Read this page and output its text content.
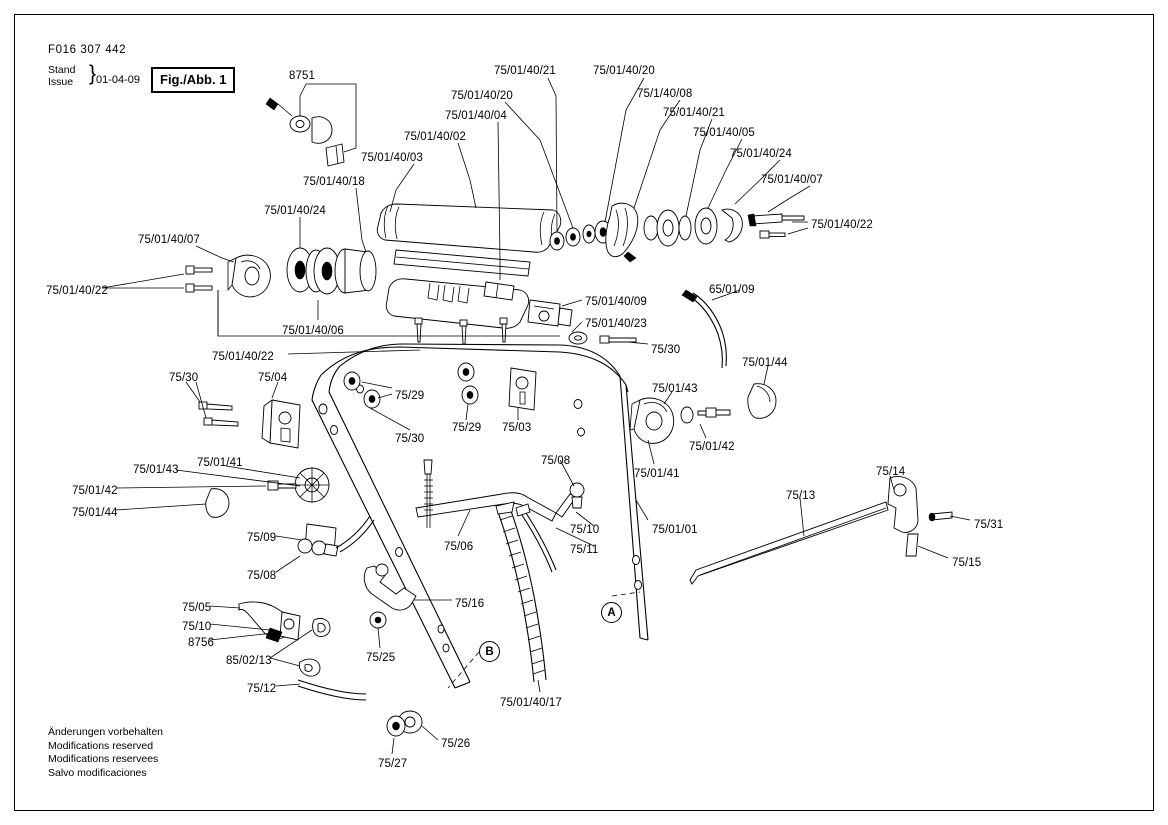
F016 307 442
Stand
Issue } 01-04-09	Fig./Abb. 1	8751	75/01/40/21	75/01/40/20
75/1/40/08
75/01/40/20
75/01/40/21
75/01/40/04
75/01/40/05
75/01/40/02
75/01/40/24
75/01/40/03
75/01/40/07
75/01/40/18
75/01/40/24
75/01/40/22
75/01/40/07
75/01/40/22
75/01/40/06
75/01/40/09
65/01/09
75/01/40/23
75/30
75/01/44
75/01/40/22
75/30	75/04
75/29
75/01/43
75/29 75/03
75/30
75/01/42
75/01/41
75/01/43
75/08
75/01/41	75/14
75/01/42	75/13
75/01/44
75/31
75/09
75/10	75/01/01
75/06	75/11
75/15
75/08
75/16
75/05
75/10
8756
75/25
85/02/13
75/12
75/01/40/17
75/26
75/27
A
B
Änderungen vorbehalten
Modifications reserved
Modifications reservees
Salvo modificaciones
